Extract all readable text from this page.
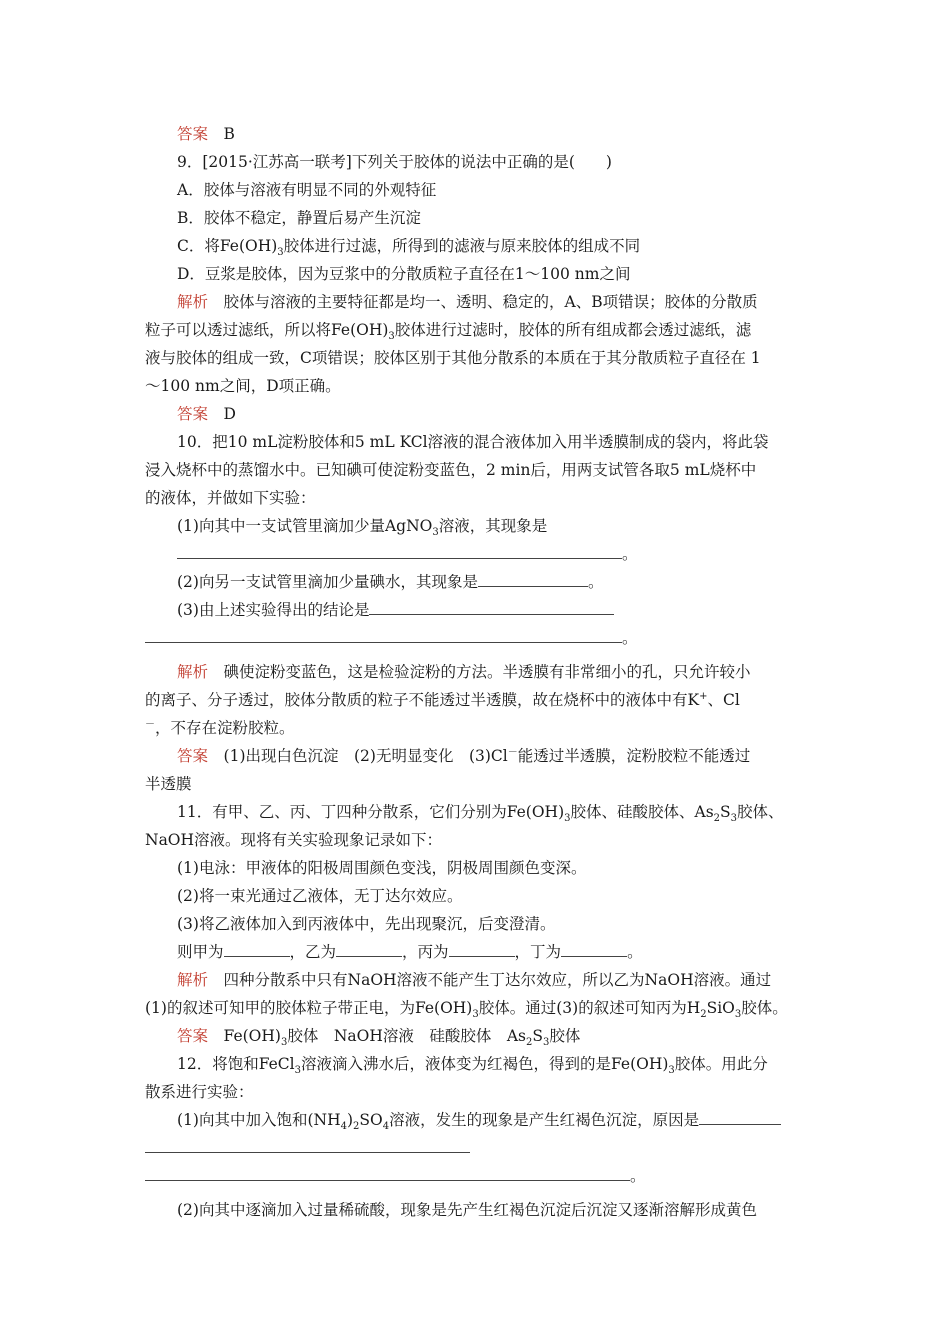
答案　 B
9．[2015·江苏高一联考]下列关于胶体的说法中正确的是(　　)
A．胶体与溶液有明显不同的外观特征
B．胶体不稳定，静置后易产生沉淀
C．将$Fe(OH)_3$胶体进行过滤，所得到的滤液与原来胶体的组成不同
D．豆浆是胶体，因为豆浆中的分散质粒子直径在1～100 nm之间
解析　 胶体与溶液的主要特征都是均一、透明、稳定的，A、B项错误；胶体的分散质
粒子可以透过滤纸，所以将$Fe(OH)_3$胶体进行过滤时，胶体的所有组成都会透过滤纸，滤
液与胶体的组成一致，C项错误；胶体区别于其他分散系的本质在于其分散质粒子直径在 1
～100 nm之间，D项正确。
答案　 D
10．把10 mL淀粉胶体和5 mL KCl溶液的混合液体加入用半透膜制成的袋内，将此袋
浸入烧杯中的蒸馏水中。已知碘可使淀粉变蓝色，2 min后，用两支试管各取5 mL烧杯中
的液体，并做如下实验：
(1)向其中一支试管里滴加少量AgNO$_3$溶液，其现象是
。
(2)向另一支试管里滴加少量碘水，其现象是	。
(3)由上述实验得出的结论是
。
解析　 碘使淀粉变蓝色，这是检验淀粉的方法。半透膜有非常细小的孔，只允许较小
的离子、分子透过，胶体分散质的粒子不能透过半透膜，故在烧杯中的液体中有K+、Cl
－，不存在淀粉胶粒。
答案　 (1)出现白色沉淀　(2)无明显变化　(3)Cl－能透过半透膜，淀粉胶粒不能透过
半透膜
11．有甲、乙、丙、丁四种分散系，它们分别为$Fe(OH)_3$胶体、硅酸胶体、$As_2S_3$胶体、
NaOH溶液。现将有关实验现象记录如下：
(1)电泳：甲液体的阳极周围颜色变浅，阴极周围颜色变深。
(2)将一束光通过乙液体，无丁达尔效应。
(3)将乙液体加入到丙液体中，先出现聚沉，后变澄清。
则甲为	，乙为	，丙为	，丁为	。
解析　 四种分散系中只有NaOH溶液不能产生丁达尔效应，所以乙为NaOH溶液。通过
(1)的叙述可知甲的胶体粒子带正电，为$Fe(OH)_3$胶体。通过(3)的叙述可知丙为$H_2SiO_3$胶体。
答案　 $Fe(OH)_3$胶体　NaOH溶液　硅酸胶体　$As_2S_3$胶体
12．将饱和FeCl$_3$溶液滴入沸水后，液体变为红褐色，得到的是$Fe(OH)_3$胶体。用此分
散系进行实验：
(1)向其中加入饱和$(NH_4)_2SO_4$溶液，发生的现象是产生红褐色沉淀，原因是
。
(2)向其中逐滴加入过量稀硫酸，现象是先产生红褐色沉淀后沉淀又逐渐溶解形成黄色
